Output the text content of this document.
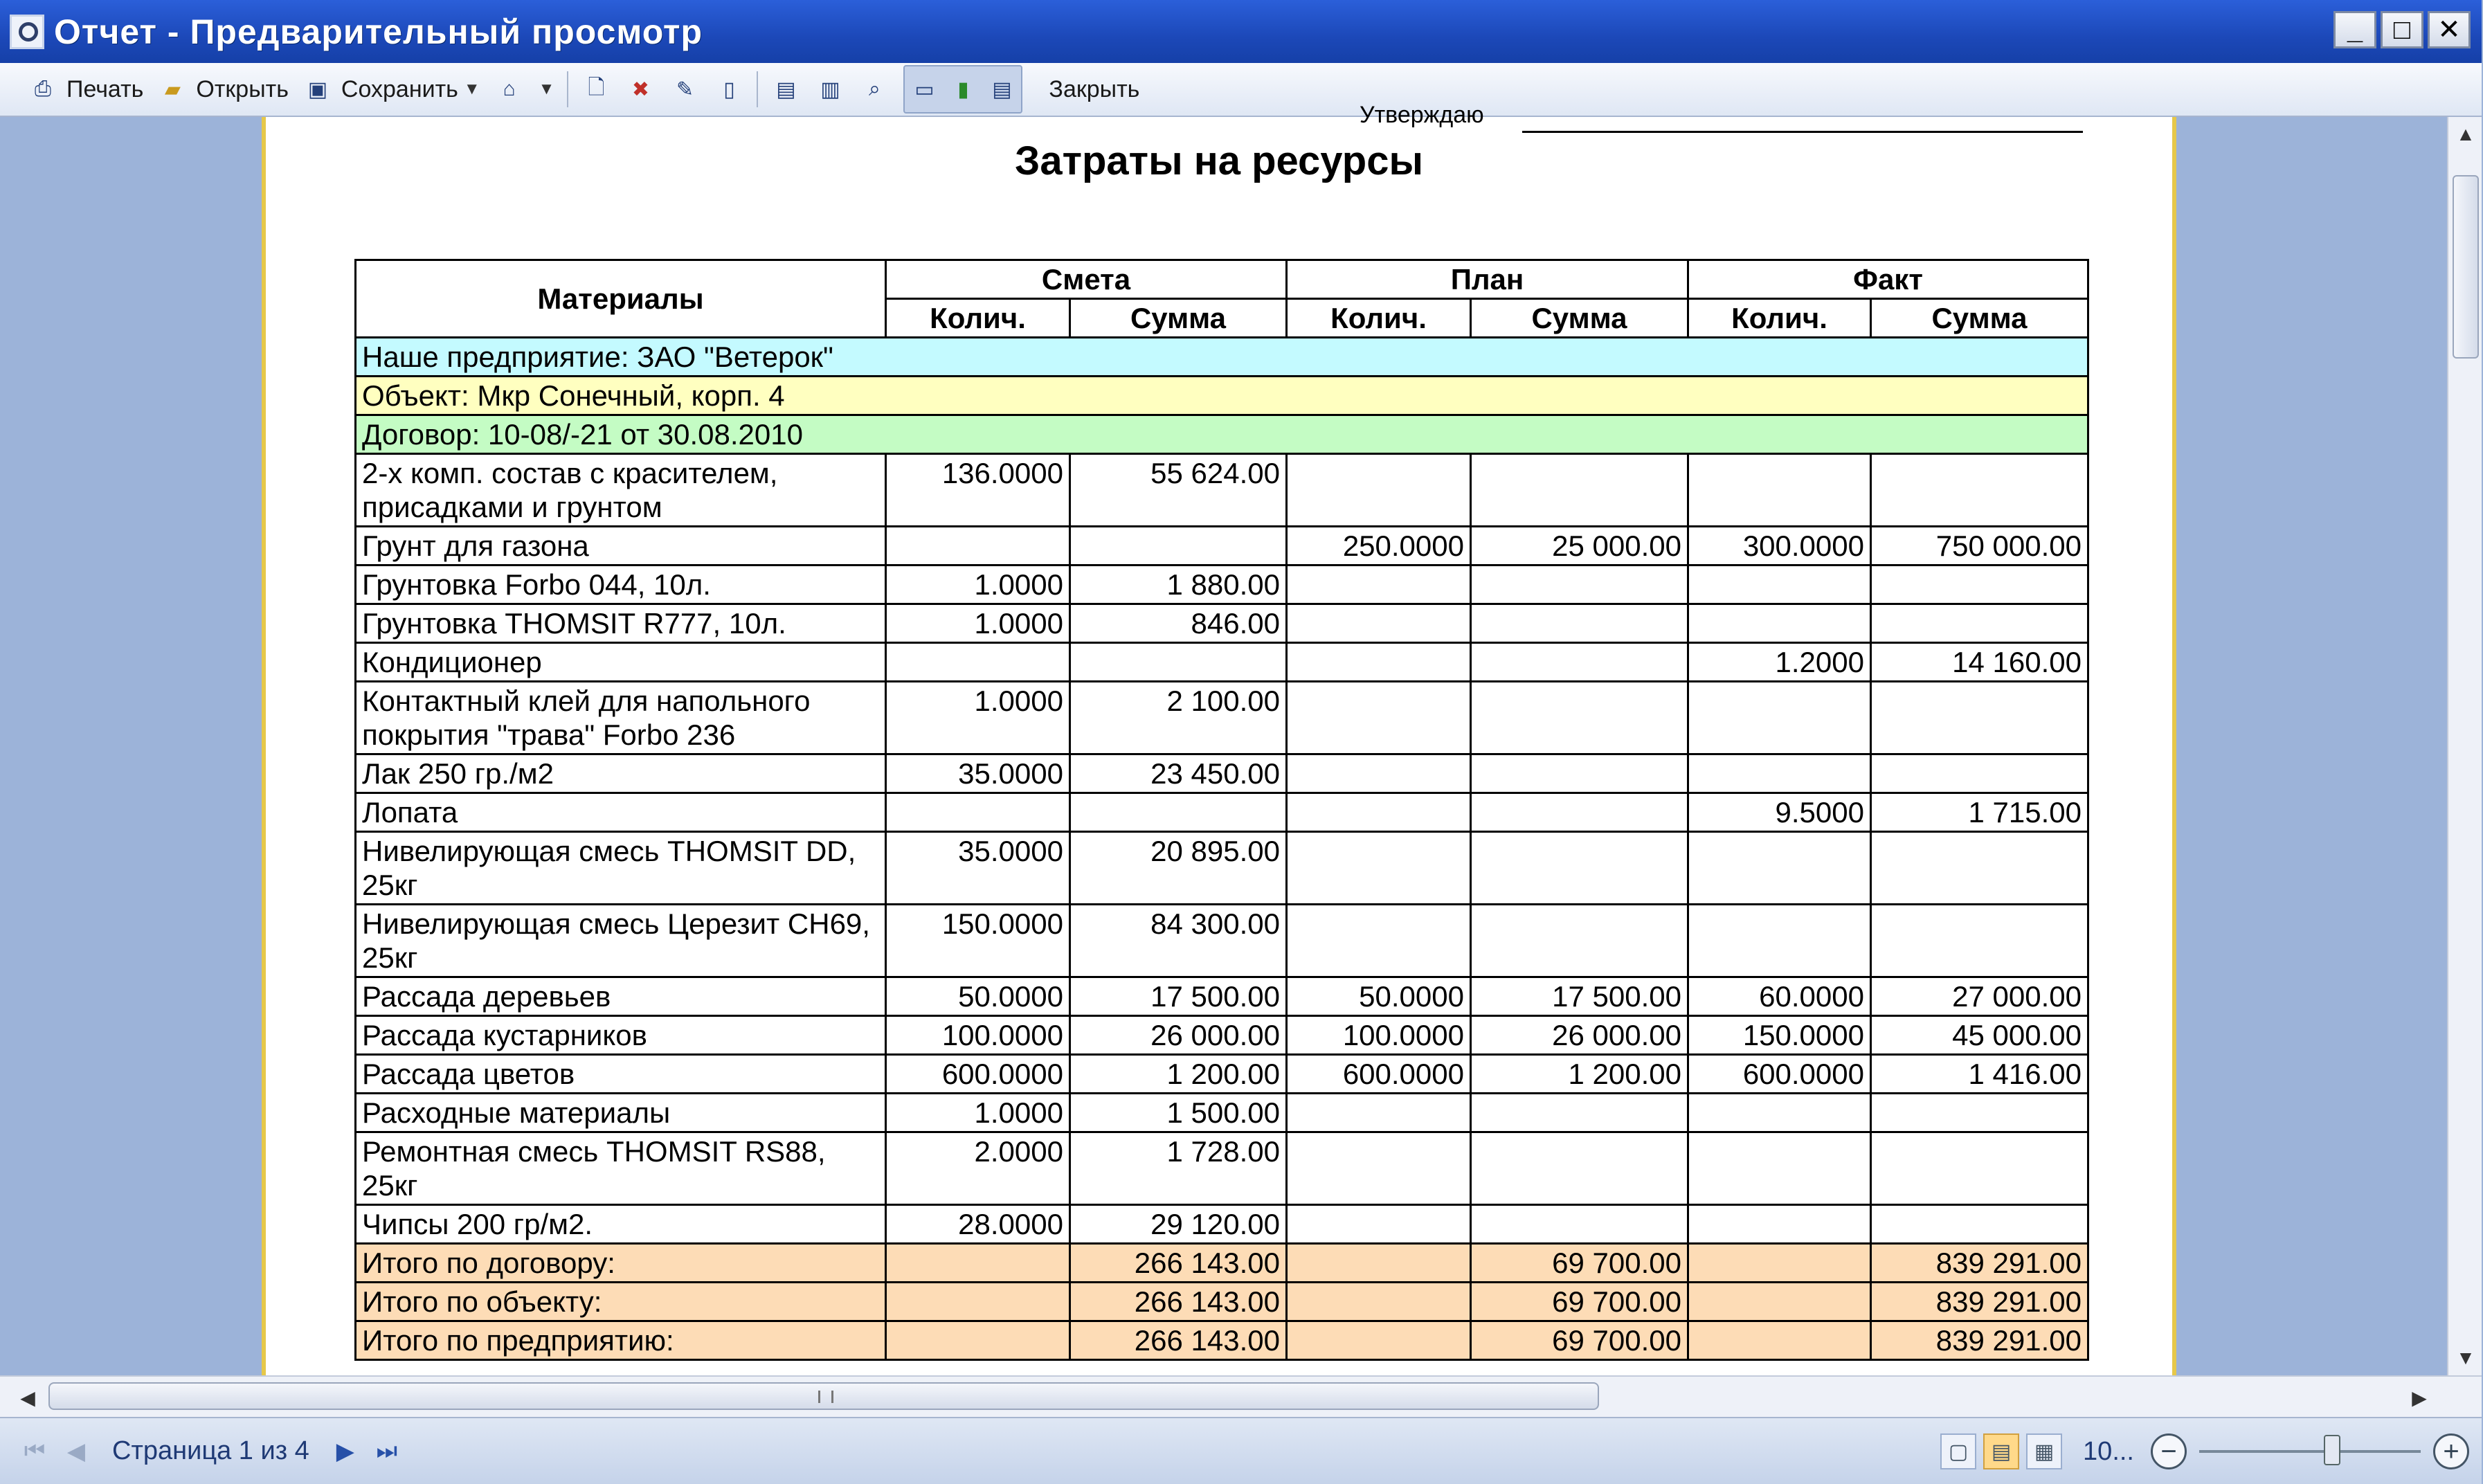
Отчет - Предварительный просмотр	_	□ ✕
⎙ Печать	▰ Открыть ▣ Сохранить ▼	⌂	▼	🗋	✖	✎	▯	▤ ▥	⌕	▭	▮	▤ Закрыть
Утверждаю
Затраты на ресурсы
Материалы	Смета		План		Факт	
	Колич.	Сумма	Колич.	Сумма	Колич.	Сумма
Наше предприятие: ЗАО "Ветерок"						
Объект: Мкр Сонечный, корп. 4						
Договор: 10-08/-21 от 30.08.2010						
2-х комп. состав с красителем, присадками и грунтом	136.0000	55 624.00				
Грунт для газона			250.0000	25 000.00	300.0000	750 000.00
Грунтовка Forbo 044, 10л.	1.0000	1 880.00				
Грунтовка THOMSIT R777, 10л.	1.0000	846.00				
Кондиционер					1.2000	14 160.00
Контактный клей для напольного покрытия "трава" Forbo 236	1.0000	2 100.00				
Лак 250 гр./м2	35.0000	23 450.00				
Лопата					9.5000	1 715.00
Нивелирующая смесь THOMSIT DD, 25кг	35.0000	20 895.00				
Нивелирующая смесь Церезит CH69, 25кг	150.0000	84 300.00				
Рассада деревьев	50.0000	17 500.00	50.0000	17 500.00	60.0000	27 000.00
Рассада кустарников	100.0000	26 000.00	100.0000	26 000.00	150.0000	45 000.00
Рассада цветов	600.0000	1 200.00	600.0000	1 200.00	600.0000	1 416.00
Расходные материалы	1.0000	1 500.00				
Ремонтная смесь THOMSIT RS88, 25кг	2.0000	1 728.00				
Чипсы 200 гр/м2.	28.0000	29 120.00				
Итого по договору:		266 143.00		69 700.00		839 291.00
Итого по объекту:		266 143.00		69 700.00		839 291.00
Итого по предприятию:		266 143.00		69 700.00		839 291.00
▲
▼
◀	▶
⏮ ◀	Страница 1 из 4	▶ ⏭	▢	▤	▦	10... −	+
